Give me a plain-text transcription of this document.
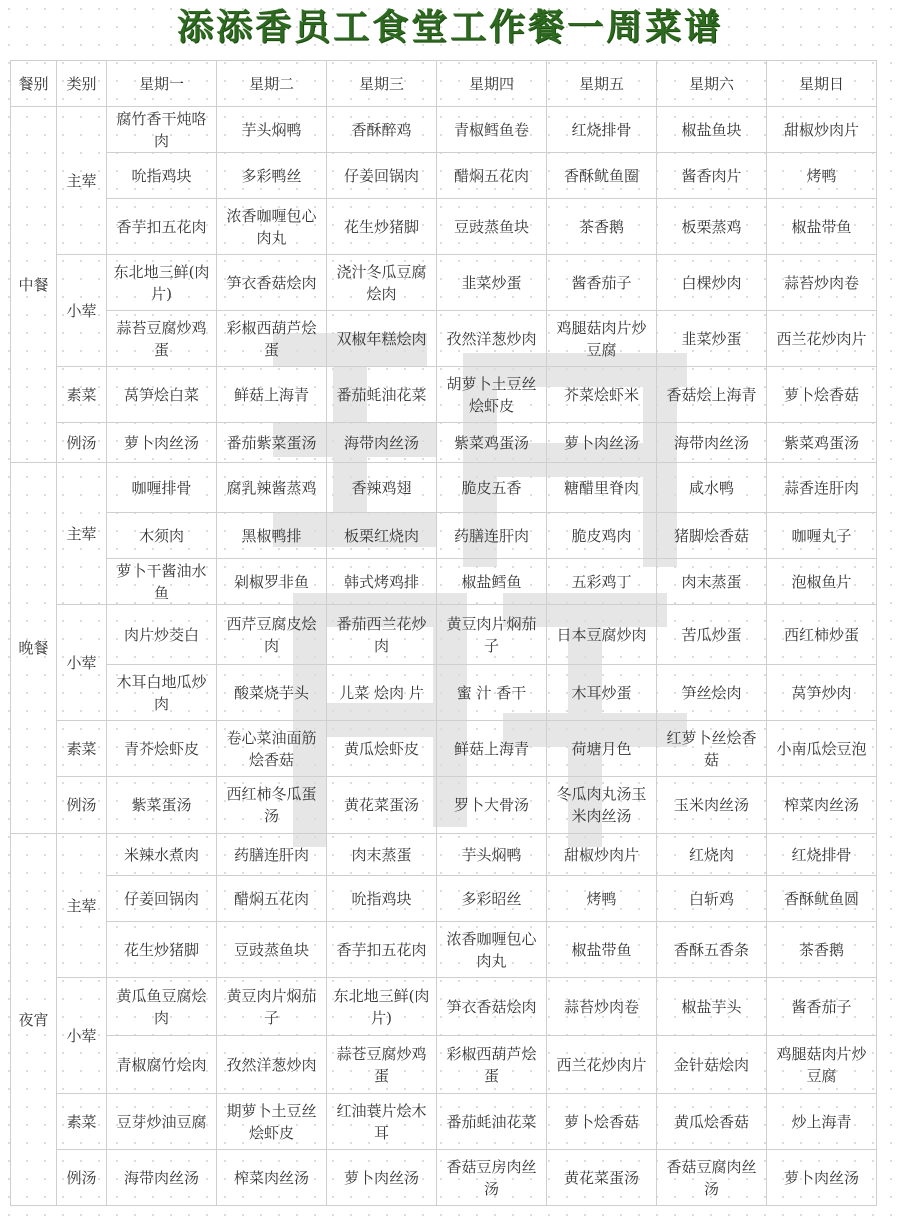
添添香员工食堂工作餐一周菜谱
餐别	类别	星期一	星期二	星期三	星期四	星期五	星期六	星期日
中餐	主荤	腐竹香干炖咯肉	芋头焖鸭	香酥醉鸡	青椒鳕鱼卷	红烧排骨	椒盐鱼块	甜椒炒肉片
		吮指鸡块	多彩鸭丝	仔姜回锅肉	醋焖五花肉	香酥鱿鱼圈	酱香肉片	烤鸭
		香芋扣五花肉	浓香咖喱包心肉丸	花生炒猪脚	豆豉蒸鱼块	茶香鹅	板栗蒸鸡	椒盐带鱼
	小荤	东北地三鲜(肉片)	笋衣香菇烩肉	浇汁冬瓜豆腐烩肉	韭菜炒蛋	酱香茄子	白棵炒肉	蒜苔炒肉卷
		蒜苔豆腐炒鸡蛋	彩椒西葫芦烩蛋	双椒年糕烩肉	孜然洋葱炒肉	鸡腿菇肉片炒豆腐	韭菜炒蛋	西兰花炒肉片
	素菜	莴笋烩白菜	鲜菇上海青	番茄蚝油花菜	胡萝卜土豆丝烩虾皮	芥菜烩虾米	香菇烩上海青	萝卜烩香菇
	例汤	萝卜肉丝汤	番茄紫菜蛋汤	海带肉丝汤	紫菜鸡蛋汤	萝卜肉丝汤	海带肉丝汤	紫菜鸡蛋汤
晚餐	主荤	咖喱排骨	腐乳辣酱蒸鸡	香辣鸡翅	脆皮五香	糖醋里脊肉	咸水鸭	蒜香连肝肉
		木须肉	黑椒鸭排	板栗红烧肉	药膳连肝肉	脆皮鸡肉	猪脚烩香菇	咖喱丸子
		萝卜干酱油水鱼	剁椒罗非鱼	韩式烤鸡排	椒盐鳕鱼	五彩鸡丁	肉末蒸蛋	泡椒鱼片
	小荤	肉片炒茭白	西芹豆腐皮烩肉	番茄西兰花炒肉	黄豆肉片焖茄子	日本豆腐炒肉	苦瓜炒蛋	西红柿炒蛋
		木耳白地瓜炒肉	酸菜烧芋头	儿菜 烩肉 片	蜜 汁 香干	木耳炒蛋	笋丝烩肉	莴笋炒肉
	素菜	青芥烩虾皮	卷心菜油面筋烩香菇	黄瓜烩虾皮	鲜菇上海青	荷塘月色	红萝卜丝烩香菇	小南瓜烩豆泡
	例汤	紫菜蛋汤	西红柿冬瓜蛋汤	黄花菜蛋汤	罗卜大骨汤	冬瓜肉丸汤玉米肉丝汤	玉米肉丝汤	榨菜肉丝汤
夜宵	主荤	米辣水煮肉	药膳连肝肉	肉末蒸蛋	芋头焖鸭	甜椒炒肉片	红烧肉	红烧排骨
		仔姜回锅肉	醋焖五花肉	吮指鸡块	多彩昭丝	烤鸭	白斩鸡	香酥鱿鱼圆
		花生炒猪脚	豆豉蒸鱼块	香芋扣五花肉	浓香咖喱包心肉丸	椒盐带鱼	香酥五香条	茶香鹅
	小荤	黄瓜鱼豆腐烩肉	黄豆肉片焖茄子	东北地三鲜(肉片)	笋衣香菇烩肉	蒜苔炒肉卷	椒盐芋头	酱香茄子
		青椒腐竹烩肉	孜然洋葱炒肉	蒜苍豆腐炒鸡蛋	彩椒西葫芦烩蛋	西兰花炒肉片	金针菇烩肉	鸡腿菇肉片炒豆腐
	素菜	豆芽炒油豆腐	期萝卜土豆丝烩虾皮	红油蓑片烩木耳	番茄蚝油花菜	萝卜烩香菇	黄瓜烩香菇	炒上海青
	例汤	海带肉丝汤	榨菜肉丝汤	萝卜肉丝汤	香菇豆房肉丝汤	黄花菜蛋汤	香菇豆腐肉丝汤	萝卜肉丝汤
